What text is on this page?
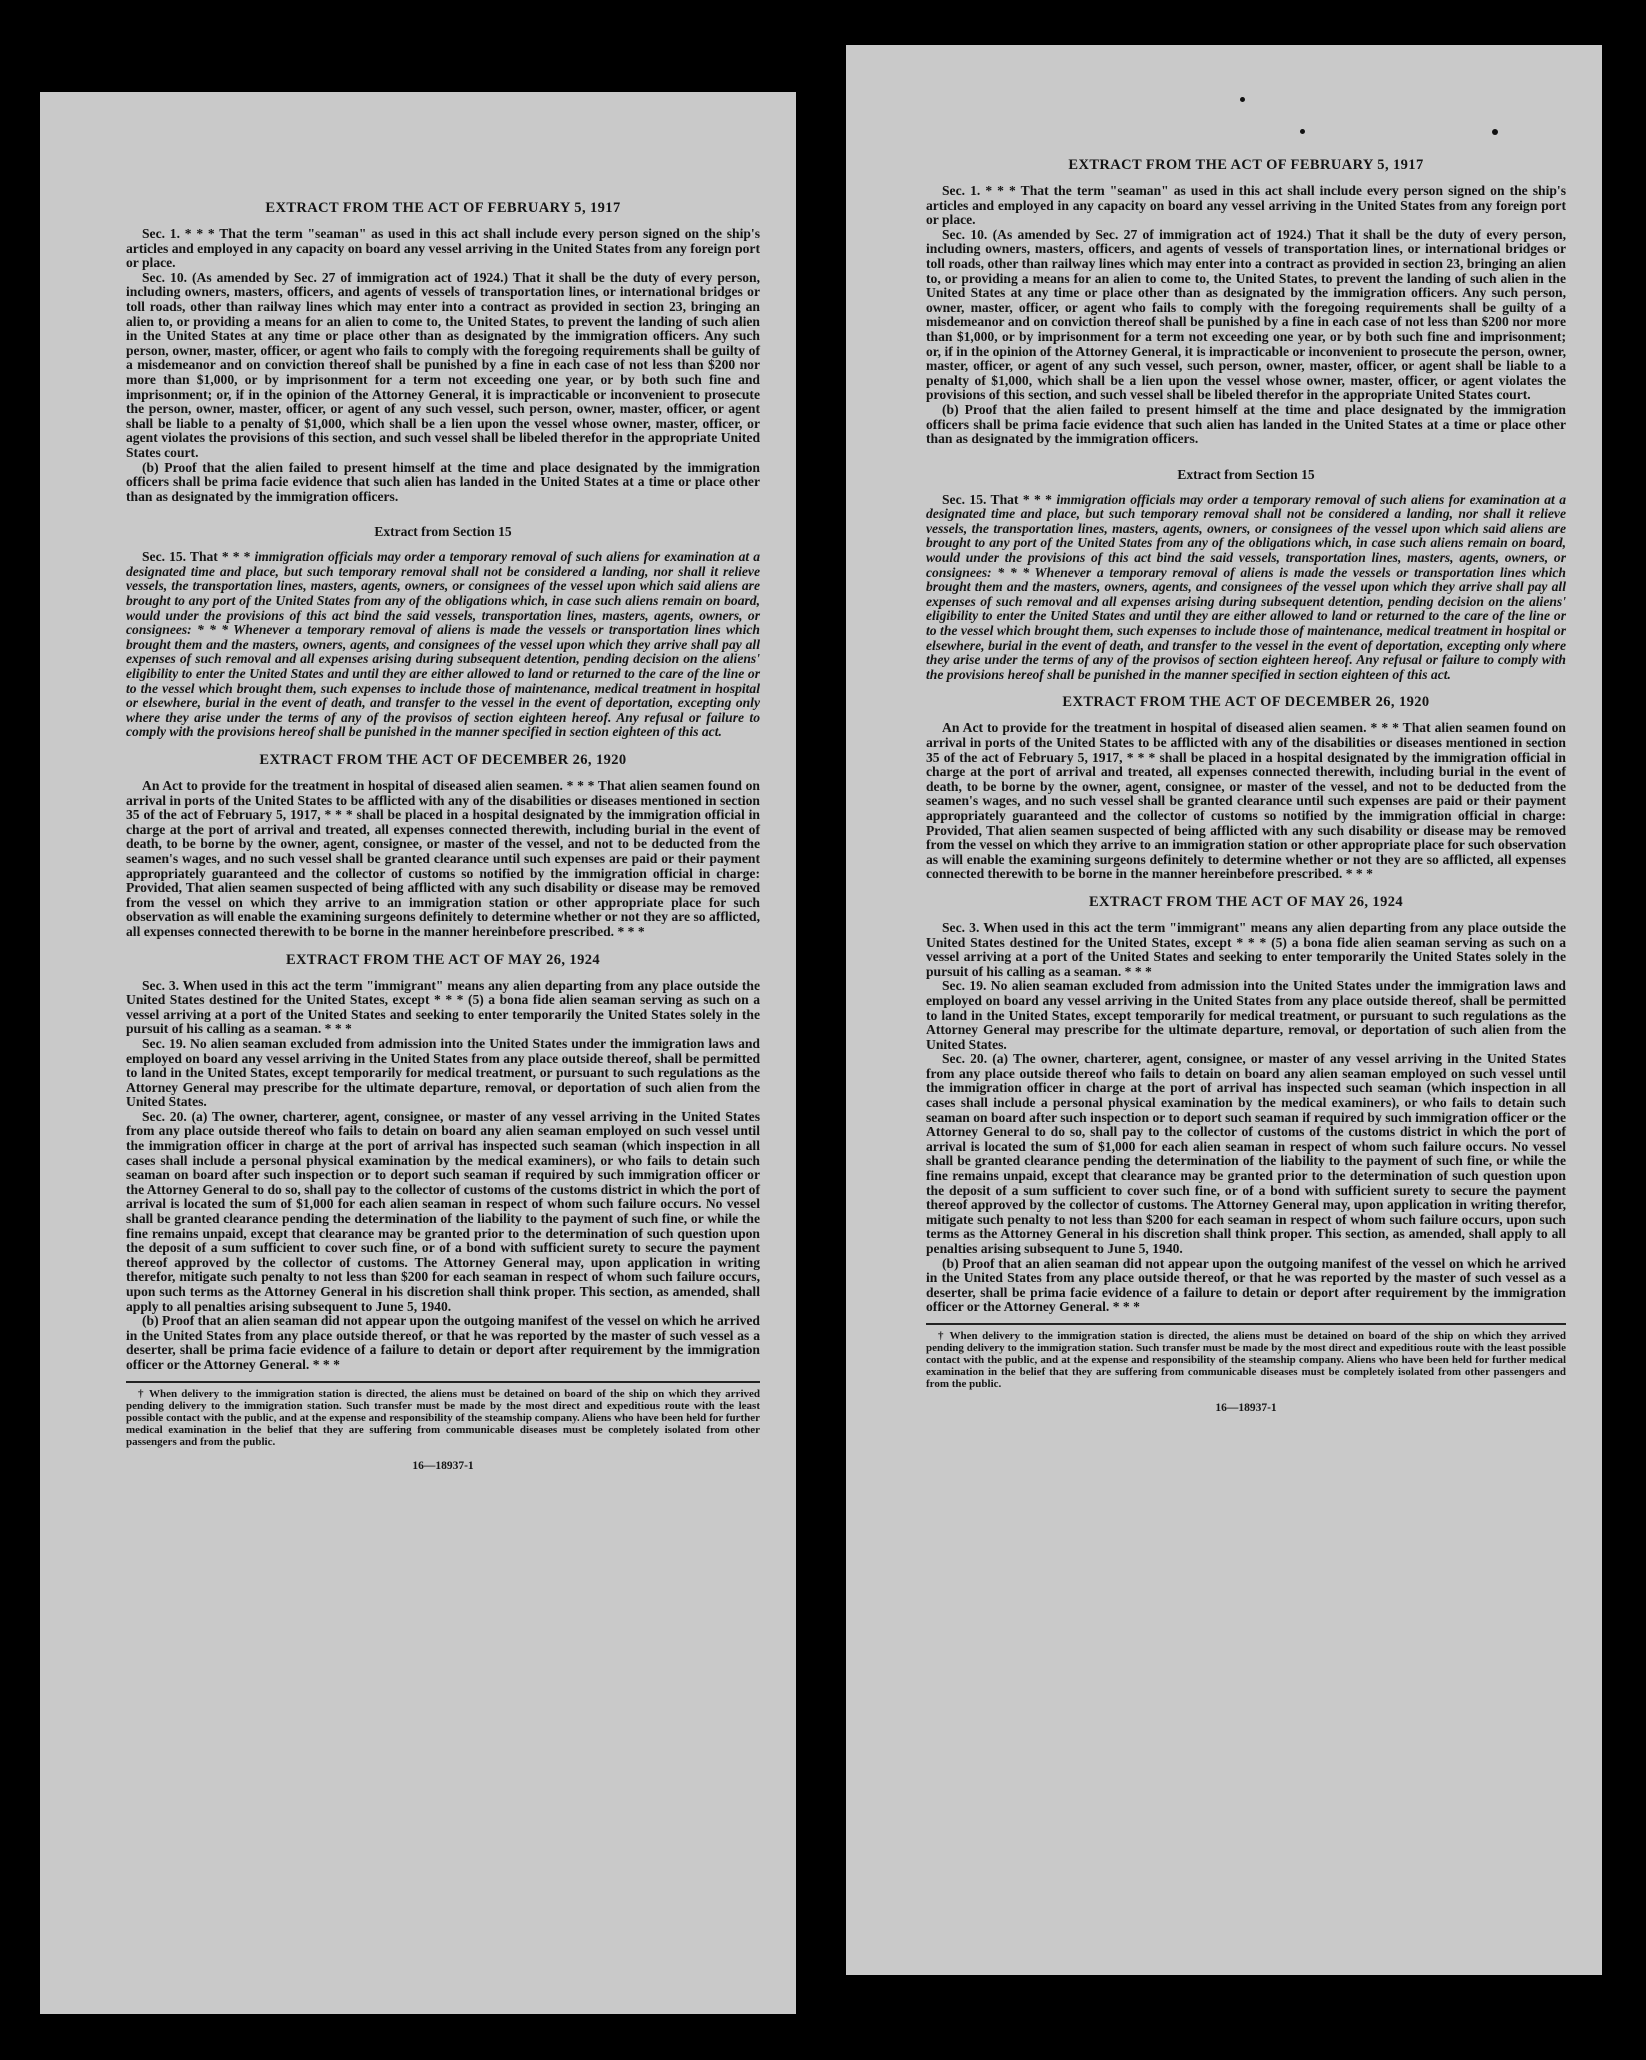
EXTRACT FROM THE ACT OF FEBRUARY 5, 1917

Sec. 1. * * * That the term "seaman" as used in this act shall include every person signed on the ship's articles and employed in any capacity on board any vessel arriving in the United States from any foreign port or place.

Sec. 10. (As amended by Sec. 27 of immigration act of 1924.) That it shall be the duty of every person, including owners, masters, officers, and agents of vessels of transportation lines, or international bridges or toll roads, other than railway lines which may enter into a contract as provided in section 23, bringing an alien to, or providing a means for an alien to come to, the United States, to prevent the landing of such alien in the United States at any time or place other than as designated by the immigration officers. Any such person, owner, master, officer, or agent who fails to comply with the foregoing requirements shall be guilty of a misdemeanor and on conviction thereof shall be punished by a fine in each case of not less than $200 nor more than $1,000, or by imprisonment for a term not exceeding one year, or by both such fine and imprisonment; or, if in the opinion of the Attorney General, it is impracticable or inconvenient to prosecute the person, owner, master, officer, or agent of any such vessel, such person, owner, master, officer, or agent shall be liable to a penalty of $1,000, which shall be a lien upon the vessel whose owner, master, officer, or agent violates the provisions of this section, and such vessel shall be libeled therefor in the appropriate United States court.

(b) Proof that the alien failed to present himself at the time and place designated by the immigration officers shall be prima facie evidence that such alien has landed in the United States at a time or place other than as designated by the immigration officers.

Extract from Section 15

Sec. 15. That * * * immigration officials may order a temporary removal of such aliens for examination at a designated time and place, but such temporary removal shall not be considered a landing, nor shall it relieve vessels, the transportation lines, masters, agents, owners, or consignees of the vessel upon which said aliens are brought to any port of the United States from any of the obligations which, in case such aliens remain on board, would under the provisions of this act bind the said vessels, transportation lines, masters, agents, owners, or consignees: * * * Whenever a temporary removal of aliens is made the vessels or transportation lines which brought them and the masters, owners, agents, and consignees of the vessel upon which they arrive shall pay all expenses of such removal and all expenses arising during subsequent detention, pending decision on the aliens' eligibility to enter the United States and until they are either allowed to land or returned to the care of the line or to the vessel which brought them, such expenses to include those of maintenance, medical treatment in hospital or elsewhere, burial in the event of death, and transfer to the vessel in the event of deportation, excepting only where they arise under the terms of any of the provisos of section eighteen hereof. Any refusal or failure to comply with the provisions hereof shall be punished in the manner specified in section eighteen of this act.

EXTRACT FROM THE ACT OF DECEMBER 26, 1920

An Act to provide for the treatment in hospital of diseased alien seamen. * * * That alien seamen found on arrival in ports of the United States to be afflicted with any of the disabilities or diseases mentioned in section 35 of the act of February 5, 1917, * * * shall be placed in a hospital designated by the immigration official in charge at the port of arrival and treated, all expenses connected therewith, including burial in the event of death, to be borne by the owner, agent, consignee, or master of the vessel, and not to be deducted from the seamen's wages, and no such vessel shall be granted clearance until such expenses are paid or their payment appropriately guaranteed and the collector of customs so notified by the immigration official in charge: Provided, That alien seamen suspected of being afflicted with any such disability or disease may be removed from the vessel on which they arrive to an immigration station or other appropriate place for such observation as will enable the examining surgeons definitely to determine whether or not they are so afflicted, all expenses connected therewith to be borne in the manner hereinbefore prescribed. * * *

EXTRACT FROM THE ACT OF MAY 26, 1924

Sec. 3. When used in this act the term "immigrant" means any alien departing from any place outside the United States destined for the United States, except * * * (5) a bona fide alien seaman serving as such on a vessel arriving at a port of the United States and seeking to enter temporarily the United States solely in the pursuit of his calling as a seaman. * * *

Sec. 19. No alien seaman excluded from admission into the United States under the immigration laws and employed on board any vessel arriving in the United States from any place outside thereof, shall be permitted to land in the United States, except temporarily for medical treatment, or pursuant to such regulations as the Attorney General may prescribe for the ultimate departure, removal, or deportation of such alien from the United States.

Sec. 20. (a) The owner, charterer, agent, consignee, or master of any vessel arriving in the United States from any place outside thereof who fails to detain on board any alien seaman employed on such vessel until the immigration officer in charge at the port of arrival has inspected such seaman (which inspection in all cases shall include a personal physical examination by the medical examiners), or who fails to detain such seaman on board after such inspection or to deport such seaman if required by such immigration officer or the Attorney General to do so, shall pay to the collector of customs of the customs district in which the port of arrival is located the sum of $1,000 for each alien seaman in respect of whom such failure occurs. No vessel shall be granted clearance pending the determination of the liability to the payment of such fine, or while the fine remains unpaid, except that clearance may be granted prior to the determination of such question upon the deposit of a sum sufficient to cover such fine, or of a bond with sufficient surety to secure the payment thereof approved by the collector of customs. The Attorney General may, upon application in writing therefor, mitigate such penalty to not less than $200 for each seaman in respect of whom such failure occurs, upon such terms as the Attorney General in his discretion shall think proper. This section, as amended, shall apply to all penalties arising subsequent to June 5, 1940.

(b) Proof that an alien seaman did not appear upon the outgoing manifest of the vessel on which he arrived in the United States from any place outside thereof, or that he was reported by the master of such vessel as a deserter, shall be prima facie evidence of a failure to detain or deport after requirement by the immigration officer or the Attorney General. * * *

† When delivery to the immigration station is directed, the aliens must be detained on board of the ship on which they arrived pending delivery to the immigration station. Such transfer must be made by the most direct and expeditious route with the least possible contact with the public, and at the expense and responsibility of the steamship company. Aliens who have been held for further medical examination in the belief that they are suffering from communicable diseases must be completely isolated from other passengers and from the public.

16—18937-1
EXTRACT FROM THE ACT OF FEBRUARY 5, 1917

Sec. 1. * * * That the term "seaman" as used in this act shall include every person signed on the ship's articles and employed in any capacity on board any vessel arriving in the United States from any foreign port or place.

Sec. 10. (As amended by Sec. 27 of immigration act of 1924.) That it shall be the duty of every person, including owners, masters, officers, and agents of vessels of transportation lines, or international bridges or toll roads, other than railway lines which may enter into a contract as provided in section 23, bringing an alien to, or providing a means for an alien to come to, the United States, to prevent the landing of such alien in the United States at any time or place other than as designated by the immigration officers. Any such person, owner, master, officer, or agent who fails to comply with the foregoing requirements shall be guilty of a misdemeanor and on conviction thereof shall be punished by a fine in each case of not less than $200 nor more than $1,000, or by imprisonment for a term not exceeding one year, or by both such fine and imprisonment; or, if in the opinion of the Attorney General, it is impracticable or inconvenient to prosecute the person, owner, master, officer, or agent of any such vessel, such person, owner, master, officer, or agent shall be liable to a penalty of $1,000, which shall be a lien upon the vessel whose owner, master, officer, or agent violates the provisions of this section, and such vessel shall be libeled therefor in the appropriate United States court.

(b) Proof that the alien failed to present himself at the time and place designated by the immigration officers shall be prima facie evidence that such alien has landed in the United States at a time or place other than as designated by the immigration officers.

Extract from Section 15

Sec. 15. That * * * immigration officials may order a temporary removal of such aliens for examination at a designated time and place, but such temporary removal shall not be considered a landing, nor shall it relieve vessels, the transportation lines, masters, agents, owners, or consignees of the vessel upon which said aliens are brought to any port of the United States from any of the obligations which, in case such aliens remain on board, would under the provisions of this act bind the said vessels, transportation lines, masters, agents, owners, or consignees: * * * Whenever a temporary removal of aliens is made the vessels or transportation lines which brought them and the masters, owners, agents, and consignees of the vessel upon which they arrive shall pay all expenses of such removal and all expenses arising during subsequent detention, pending decision on the aliens' eligibility to enter the United States and until they are either allowed to land or returned to the care of the line or to the vessel which brought them, such expenses to include those of maintenance, medical treatment in hospital or elsewhere, burial in the event of death, and transfer to the vessel in the event of deportation, excepting only where they arise under the terms of any of the provisos of section eighteen hereof. Any refusal or failure to comply with the provisions hereof shall be punished in the manner specified in section eighteen of this act.

EXTRACT FROM THE ACT OF DECEMBER 26, 1920

An Act to provide for the treatment in hospital of diseased alien seamen. * * * That alien seamen found on arrival in ports of the United States to be afflicted with any of the disabilities or diseases mentioned in section 35 of the act of February 5, 1917, * * * shall be placed in a hospital designated by the immigration official in charge at the port of arrival and treated, all expenses connected therewith, including burial in the event of death, to be borne by the owner, agent, consignee, or master of the vessel, and not to be deducted from the seamen's wages, and no such vessel shall be granted clearance until such expenses are paid or their payment appropriately guaranteed and the collector of customs so notified by the immigration official in charge: Provided, That alien seamen suspected of being afflicted with any such disability or disease may be removed from the vessel on which they arrive to an immigration station or other appropriate place for such observation as will enable the examining surgeons definitely to determine whether or not they are so afflicted, all expenses connected therewith to be borne in the manner hereinbefore prescribed. * * *

EXTRACT FROM THE ACT OF MAY 26, 1924

Sec. 3. When used in this act the term "immigrant" means any alien departing from any place outside the United States destined for the United States, except * * * (5) a bona fide alien seaman serving as such on a vessel arriving at a port of the United States and seeking to enter temporarily the United States solely in the pursuit of his calling as a seaman. * * *

Sec. 19. No alien seaman excluded from admission into the United States under the immigration laws and employed on board any vessel arriving in the United States from any place outside thereof, shall be permitted to land in the United States, except temporarily for medical treatment, or pursuant to such regulations as the Attorney General may prescribe for the ultimate departure, removal, or deportation of such alien from the United States.

Sec. 20. (a) The owner, charterer, agent, consignee, or master of any vessel arriving in the United States from any place outside thereof who fails to detain on board any alien seaman employed on such vessel until the immigration officer in charge at the port of arrival has inspected such seaman (which inspection in all cases shall include a personal physical examination by the medical examiners), or who fails to detain such seaman on board after such inspection or to deport such seaman if required by such immigration officer or the Attorney General to do so, shall pay to the collector of customs of the customs district in which the port of arrival is located the sum of $1,000 for each alien seaman in respect of whom such failure occurs. No vessel shall be granted clearance pending the determination of the liability to the payment of such fine, or while the fine remains unpaid, except that clearance may be granted prior to the determination of such question upon the deposit of a sum sufficient to cover such fine, or of a bond with sufficient surety to secure the payment thereof approved by the collector of customs. The Attorney General may, upon application in writing therefor, mitigate such penalty to not less than $200 for each seaman in respect of whom such failure occurs, upon such terms as the Attorney General in his discretion shall think proper. This section, as amended, shall apply to all penalties arising subsequent to June 5, 1940.

(b) Proof that an alien seaman did not appear upon the outgoing manifest of the vessel on which he arrived in the United States from any place outside thereof, or that he was reported by the master of such vessel as a deserter, shall be prima facie evidence of a failure to detain or deport after requirement by the immigration officer or the Attorney General. * * *

† When delivery to the immigration station is directed, the aliens must be detained on board of the ship on which they arrived pending delivery to the immigration station. Such transfer must be made by the most direct and expeditious route with the least possible contact with the public, and at the expense and responsibility of the steamship company. Aliens who have been held for further medical examination in the belief that they are suffering from communicable diseases must be completely isolated from other passengers and from the public.

16—18937-1
